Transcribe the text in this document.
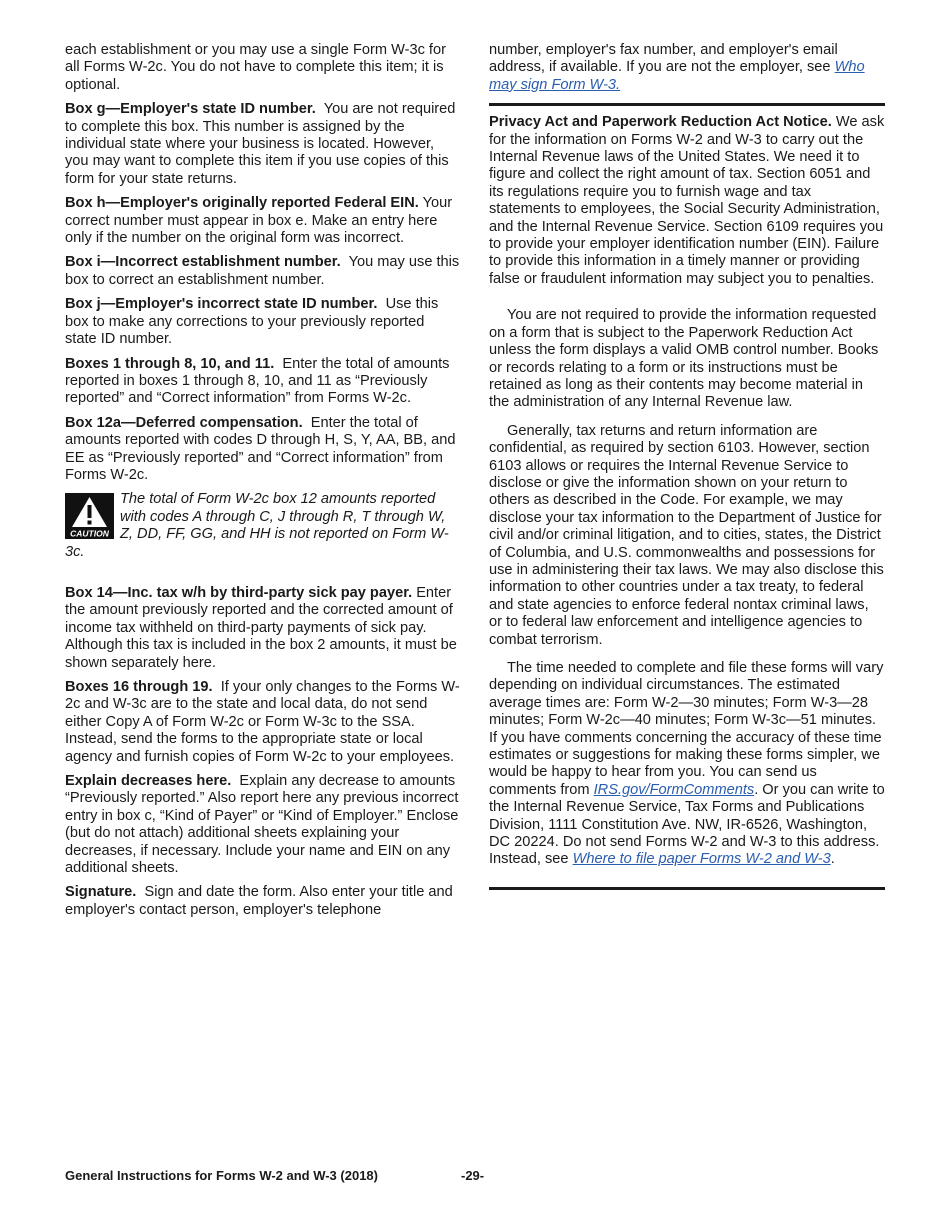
each establishment or you may use a single Form W-3c for all Forms W-2c. You do not have to complete this item; it is optional.

Box g—Employer's state ID number. You are not required to complete this box. This number is assigned by the individual state where your business is located. However, you may want to complete this item if you use copies of this form for your state returns.

Box h—Employer's originally reported Federal EIN. Your correct number must appear in box e. Make an entry here only if the number on the original form was incorrect.

Box i—Incorrect establishment number. You may use this box to correct an establishment number.

Box j—Employer's incorrect state ID number. Use this box to make any corrections to your previously reported state ID number.

Boxes 1 through 8, 10, and 11. Enter the total of amounts reported in boxes 1 through 8, 10, and 11 as “Previously reported” and “Correct information” from Forms W-2c.

Box 12a—Deferred compensation. Enter the total of amounts reported with codes D through H, S, Y, AA, BB, and EE as “Previously reported” and “Correct information” from Forms W-2c.

CAUTION
The total of Form W-2c box 12 amounts reported with codes A through C, J through R, T through W, Z, DD, FF, GG, and HH is not reported on Form W-3c.

Box 14—Inc. tax w/h by third-party sick pay payer. Enter the amount previously reported and the corrected amount of income tax withheld on third-party payments of sick pay. Although this tax is included in the box 2 amounts, it must be shown separately here.

Boxes 16 through 19. If your only changes to the Forms W-2c and W-3c are to the state and local data, do not send either Copy A of Form W-2c or Form W-3c to the SSA. Instead, send the forms to the appropriate state or local agency and furnish copies of Form W-2c to your employees.

Explain decreases here. Explain any decrease to amounts “Previously reported.” Also report here any previous incorrect entry in box c, “Kind of Payer” or “Kind of Employer.” Enclose (but do not attach) additional sheets explaining your decreases, if necessary. Include your name and EIN on any additional sheets.

Signature. Sign and date the form. Also enter your title and employer's contact person, employer's telephone

number, employer's fax number, and employer's email address, if available. If you are not the employer, see Who may sign Form W-3.

Privacy Act and Paperwork Reduction Act Notice. We ask for the information on Forms W-2 and W-3 to carry out the Internal Revenue laws of the United States. We need it to figure and collect the right amount of tax. Section 6051 and its regulations require you to furnish wage and tax statements to employees, the Social Security Administration, and the Internal Revenue Service. Section 6109 requires you to provide your employer identification number (EIN). Failure to provide this information in a timely manner or providing false or fraudulent information may subject you to penalties.

You are not required to provide the information requested on a form that is subject to the Paperwork Reduction Act unless the form displays a valid OMB control number. Books or records relating to a form or its instructions must be retained as long as their contents may become material in the administration of any Internal Revenue law.

Generally, tax returns and return information are confidential, as required by section 6103. However, section 6103 allows or requires the Internal Revenue Service to disclose or give the information shown on your return to others as described in the Code. For example, we may disclose your tax information to the Department of Justice for civil and/or criminal litigation, and to cities, states, the District of Columbia, and U.S. commonwealths and possessions for use in administering their tax laws. We may also disclose this information to other countries under a tax treaty, to federal and state agencies to enforce federal nontax criminal laws, or to federal law enforcement and intelligence agencies to combat terrorism.

The time needed to complete and file these forms will vary depending on individual circumstances. The estimated average times are: Form W-2—30 minutes; Form W-3—28 minutes; Form W-2c—40 minutes; Form W-3c—51 minutes. If you have comments concerning the accuracy of these time estimates or suggestions for making these forms simpler, we would be happy to hear from you. You can send us comments from IRS.gov/FormComments. Or you can write to the Internal Revenue Service, Tax Forms and Publications Division, 1111 Constitution Ave. NW, IR-6526, Washington, DC 20224. Do not send Forms W-2 and W-3 to this address. Instead, see Where to file paper Forms W-2 and W-3.

General Instructions for Forms W-2 and W-3 (2018)	-29-
